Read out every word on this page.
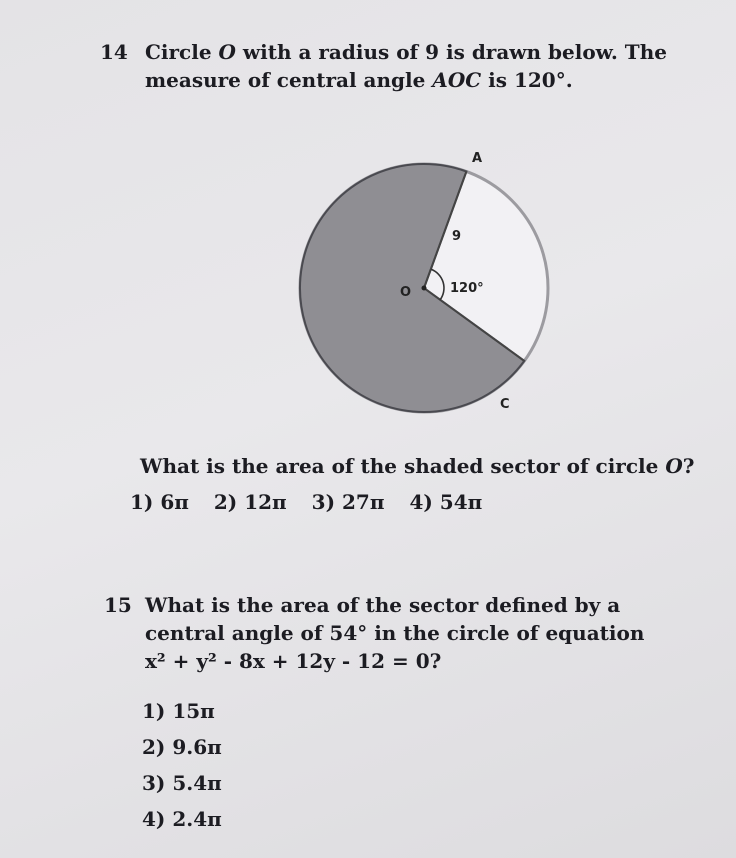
14 Circle O with a radius of 9 is drawn below. The
measure of central angle AOC is 120°.

A
O
C
9
120°

What is the area of the shaded sector of circle O?

1) 6π 2) 12π 3) 27π 4) 54π
15 What is the area of the sector defined by a
central angle of 54° in the circle of equation
x² + y² - 8x + 12y - 12 = 0?

1) 15π
2) 9.6π
3) 5.4π
4) 2.4π
